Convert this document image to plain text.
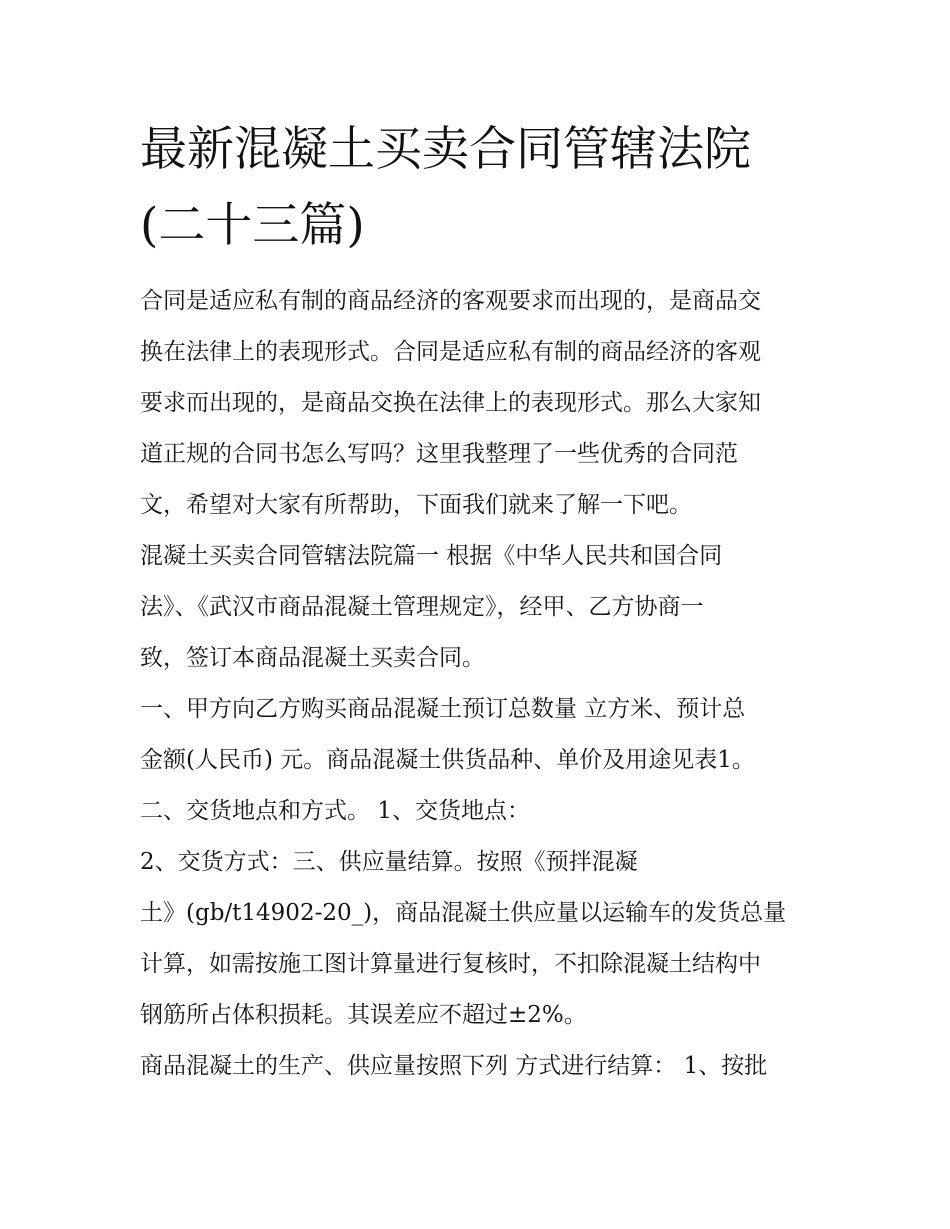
最新混凝土买卖合同管辖法院
(二十三篇)
合同是适应私有制的商品经济的客观要求而出现的，是商品交
换在法律上的表现形式。合同是适应私有制的商品经济的客观
要求而出现的，是商品交换在法律上的表现形式。那么大家知
道正规的合同书怎么写吗？这里我整理了一些优秀的合同范
文，希望对大家有所帮助，下面我们就来了解一下吧。
混凝土买卖合同管辖法院篇一 根据《中华人民共和国合同
法》、《武汉市商品混凝土管理规定》，经甲、乙方协商一
致，签订本商品混凝土买卖合同。
一、甲方向乙方购买商品混凝土预订总数量 立方米、预计总
金额(人民币) 元。商品混凝土供货品种、单价及用途见表1。
二、交货地点和方式。 1、交货地点：
2、交货方式：三、供应量结算。按照《预拌混凝
土》(gb/t14902-20_)，商品混凝土供应量以运输车的发货总量
计算，如需按施工图计算量进行复核时，不扣除混凝土结构中
钢筋所占体积损耗。其误差应不超过±2%。
商品混凝土的生产、供应量按照下列 方式进行结算： 1、按批
